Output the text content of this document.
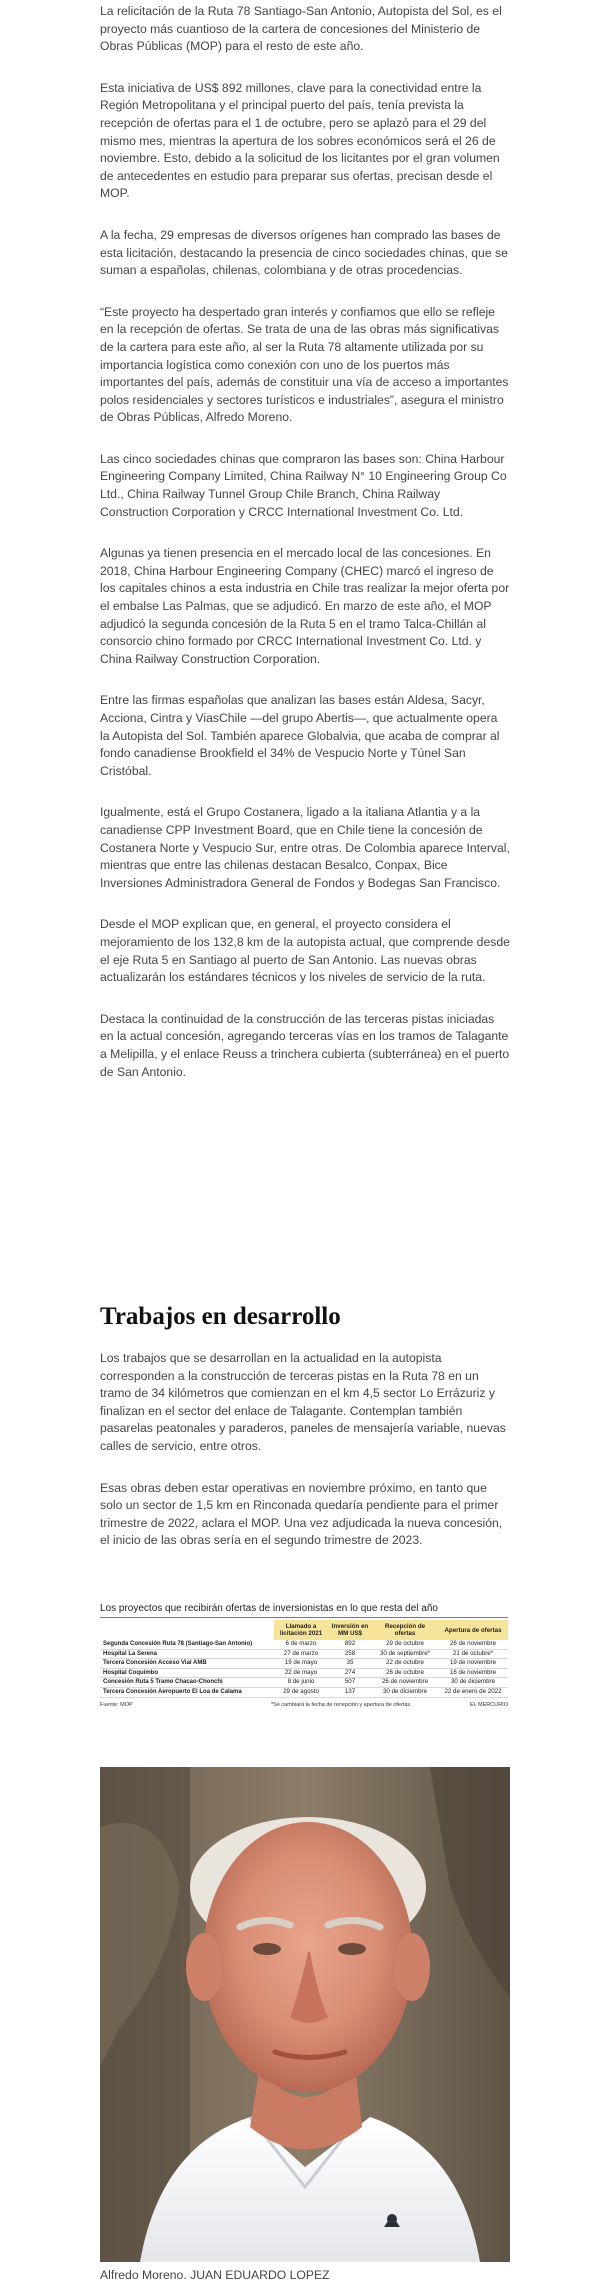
La relicitación de la Ruta 78 Santiago-San Antonio, Autopista del Sol, es el proyecto más cuantioso de la cartera de concesiones del Ministerio de Obras Públicas (MOP) para el resto de este año.

Esta iniciativa de US$ 892 millones, clave para la conectividad entre la Región Metropolitana y el principal puerto del país, tenía prevista la recepción de ofertas para el 1 de octubre, pero se aplazó para el 29 del mismo mes, mientras la apertura de los sobres económicos será el 26 de noviembre. Esto, debido a la solicitud de los licitantes por el gran volumen de antecedentes en estudio para preparar sus ofertas, precisan desde el MOP.

A la fecha, 29 empresas de diversos orígenes han comprado las bases de esta licitación, destacando la presencia de cinco sociedades chinas, que se suman a españolas, chilenas, colombiana y de otras procedencias.

“Este proyecto ha despertado gran interés y confiamos que ello se refleje en la recepción de ofertas. Se trata de una de las obras más significativas de la cartera para este año, al ser la Ruta 78 altamente utilizada por su importancia logística como conexión con uno de los puertos más importantes del país, además de constituir una vía de acceso a importantes polos residenciales y sectores turísticos e industriales”, asegura el ministro de Obras Públicas, Alfredo Moreno.

Las cinco sociedades chinas que compraron las bases son: China Harbour Engineering Company Limited, China Railway N° 10 Engineering Group Co Ltd., China Railway Tunnel Group Chile Branch, China Railway Construction Corporation y CRCC International Investment Co. Ltd.

Algunas ya tienen presencia en el mercado local de las concesiones. En 2018, China Harbour Engineering Company (CHEC) marcó el ingreso de los capitales chinos a esta industria en Chile tras realizar la mejor oferta por el embalse Las Palmas, que se adjudicó. En marzo de este año, el MOP adjudicó la segunda concesión de la Ruta 5 en el tramo Talca-Chillán al consorcio chino formado por CRCC International Investment Co. Ltd. y China Railway Construction Corporation.

Entre las firmas españolas que analizan las bases están Aldesa, Sacyr, Acciona, Cintra y ViasChile —del grupo Abertis—, que actualmente opera la Autopista del Sol. También aparece Globalvia, que acaba de comprar al fondo canadiense Brookfield el 34% de Vespucio Norte y Túnel San Cristóbal.

Igualmente, está el Grupo Costanera, ligado a la italiana Atlantia y a la canadiense CPP Investment Board, que en Chile tiene la concesión de Costanera Norte y Vespucio Sur, entre otras. De Colombia aparece Interval, mientras que entre las chilenas destacan Besalco, Conpax, Bice Inversiones Administradora General de Fondos y Bodegas San Francisco.

Desde el MOP explican que, en general, el proyecto considera el mejoramiento de los 132,8 km de la autopista actual, que comprende desde el eje Ruta 5 en Santiago al puerto de San Antonio. Las nuevas obras actualizarán los estándares técnicos y los niveles de servicio de la ruta.

Destaca la continuidad de la construcción de las terceras pistas iniciadas en la actual concesión, agregando terceras vías en los tramos de Talagante a Melipilla, y el enlace Reuss a trinchera cubierta (subterránea) en el puerto de San Antonio.

Trabajos en desarrollo

Los trabajos que se desarrollan en la actualidad en la autopista corresponden a la construcción de terceras pistas en la Ruta 78 en un tramo de 34 kilómetros que comienzan en el km 4,5 sector Lo Errázuriz y finalizan en el sector del enlace de Talagante. Contemplan también pasarelas peatonales y paraderos, paneles de mensajería variable, nuevas calles de servicio, entre otros.

Esas obras deben estar operativas en noviembre próximo, en tanto que solo un sector de 1,5 km en Rinconada quedaría pendiente para el primer trimestre de 2022, aclara el MOP. Una vez adjudicada la nueva concesión, el inicio de las obras sería en el segundo trimestre de 2023.

Los proyectos que recibirán ofertas de inversionistas en lo que resta del año
	Llamado a licitación 2021	Inversión en MM US$	Recepción de ofertas	Apertura de ofertas
Segunda Concesión Ruta 78 (Santiago-San Antonio)	6 de marzo	892	29 de octubre	26 de noviembre
Hospital La Serena	27 de marzo	258	30 de septiembre*	21 de octubre*
Tercera Concesión Acceso Vial AMB	19 de mayo	35	22 de octubre	19 de noviembre
Hospital Coquimbo	22 de mayo	274	26 de octubre	16 de noviembre
Concesión Ruta 5 Tramo Chacao-Chonchi	8 de junio	507	26 de noviembre	30 de diciembre
Tercera Concesión Aeropuerto El Loa de Calama	29 de agosto	137	30 de diciembre	22 de enero de 2022
Fuente: MOP	*Se cambiará la fecha de recepción y apertura de ofertas.	EL MERCURIO
Alfredo Moreno. JUAN EDUARDO LOPEZ
